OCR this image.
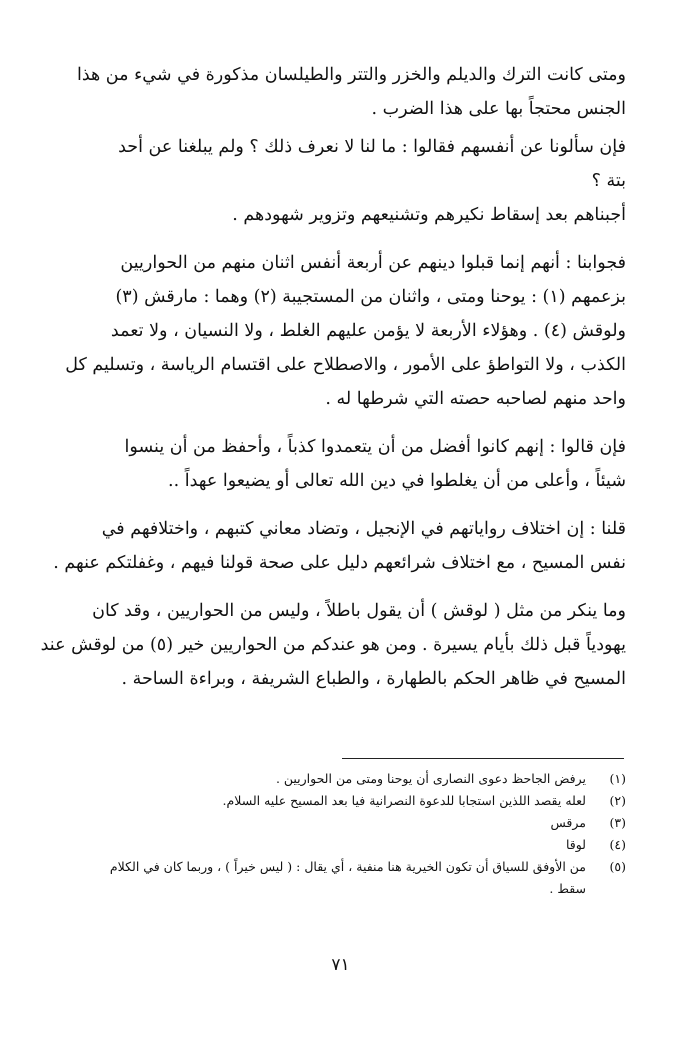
ومتى كانت الترك والديلم والخزر والتتر والطيلسان مذكورة في شيء من هذا
الجنس محتجاً بها على هذا الضرب .

فإن سألونا عن أنفسهم فقالوا : ما لنا لا نعرف ذلك ؟ ولم يبلغنا عن أحد
بتة ؟

أجبناهم بعد إسقاط نكيرهم وتشنيعهم وتزوير شهودهم .

فجوابنا : أنهم إنما قبلوا دينهم عن أربعة أنفس اثنان منهم من الحواريين
بزعمهم (١) : يوحنا ومتى ، واثنان من المستجيبة (٢) وهما : مارقش (٣)
ولوقش (٤) . وهؤلاء الأربعة لا يؤمن عليهم الغلط ، ولا النسيان ، ولا تعمد
الكذب ، ولا التواطؤ على الأمور ، والاصطلاح على اقتسام الرياسة ، وتسليم كل
واحد منهم لصاحبه حصته التي شرطها له .

فإن قالوا : إنهم كانوا أفضل من أن يتعمدوا كذباً ، وأحفظ من أن ينسوا
شيئاً ، وأعلى من أن يغلطوا في دين الله تعالى أو يضيعوا عهداً ..

قلنا : إن اختلاف رواياتهم في الإنجيل ، وتضاد معاني كتبهم ، واختلافهم في
نفس المسيح ، مع اختلاف شرائعهم دليل على صحة قولنا فيهم ، وغفلتكم عنهم .

وما ينكر من مثل ( لوقش ) أن يقول باطلاً ، وليس من الحواريين ، وقد كان
يهودياً قبل ذلك بأيام يسيرة . ومن هو عندكم من الحواريين خير (٥) من لوقش عند
المسيح في ظاهر الحكم بالطهارة ، والطباع الشريفة ، وبراءة الساحة .

(١)
يرفض الجاحظ دعوى النصارى أن يوحنا ومتى من الحواريين .
(٢)
لعله يقصد اللذين استجابا للدعوة النصرانية فيا بعد المسيح عليه السلام.
(٣)
مرقس
(٤)
لوقا
(٥)
من الأوفق للسياق أن تكون الخيرية هنا منفية ، أي يقال : ( ليس خيراً ) ، وربما كان في الكلام
سقط .
٧١
